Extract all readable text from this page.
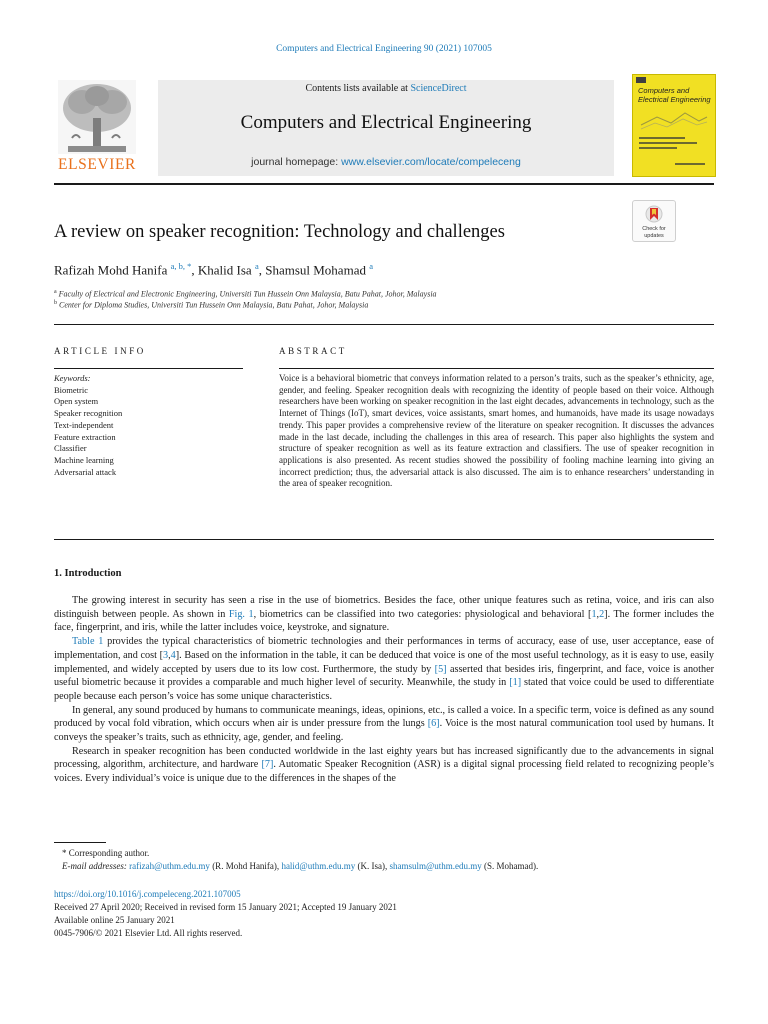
Computers and Electrical Engineering 90 (2021) 107005
ELSEVIER
Contents lists available at ScienceDirect
Computers and Electrical Engineering
journal homepage: www.elsevier.com/locate/compeleceng
Computers and Electrical Engineering
Check for updates
A review on speaker recognition: Technology and challenges
Rafizah Mohd Hanifa $^{a, b, *}$, Khalid Isa $^a$, Shamsul Mohamad $^a$
$^a$ Faculty of Electrical and Electronic Engineering, Universiti Tun Hussein Onn Malaysia, Batu Pahat, Johor, Malaysia
$^b$ Center for Diploma Studies, Universiti Tun Hussein Onn Malaysia, Batu Pahat, Johor, Malaysia
ARTICLE INFO	ABSTRACT
Keywords:
Biometric
Open system
Speaker recognition
Text-independent
Feature extraction
Classifier
Machine learning
Adversarial attack
Voice is a behavioral biometric that conveys information related to a person’s traits, such as the speaker’s ethnicity, age, gender, and feeling. Speaker recognition deals with recognizing the identity of people based on their voice. Although researchers have been working on speaker recognition in the last eight decades, advancements in technology, such as the Internet of Things (IoT), smart devices, voice assistants, smart homes, and humanoids, have made its usage nowadays trendy. This paper provides a comprehensive review of the literature on speaker recognition. It discusses the advances made in the last decade, including the challenges in this area of research. This paper also highlights the system and structure of speaker recognition as well as its feature extraction and classifiers. The use of speaker recognition in applications is also presented. As recent studies showed the possibility of fooling machine learning into giving an incorrect prediction; thus, the adversarial attack is also discussed. The aim is to enhance researchers’ understanding in the area of speaker recognition.
1. Introduction

The growing interest in security has seen a rise in the use of biometrics. Besides the face, other unique features such as retina, voice, and iris can also distinguish between people. As shown in Fig. 1, biometrics can be classified into two categories: physiological and behavioral [1,2]. The former includes the face, fingerprint, and iris, while the latter includes voice, keystroke, and signature.

Table 1 provides the typical characteristics of biometric technologies and their performances in terms of accuracy, ease of use, user acceptance, ease of implementation, and cost [3,4]. Based on the information in the table, it can be deduced that voice is one of the most useful technology, as it is easy to use, easily implemented, and widely accepted by users due to its low cost. Furthermore, the study by [5] asserted that besides iris, fingerprint, and face, voice is another useful biometric because it provides a comparable and much higher level of security. Meanwhile, the study in [1] stated that voice could be used to differentiate people because each person’s voice has some unique characteristics.

In general, any sound produced by humans to communicate meanings, ideas, opinions, etc., is called a voice. In a specific term, voice is defined as any sound produced by vocal fold vibration, which occurs when air is under pressure from the lungs [6]. Voice is the most natural communication tool used by humans. It conveys the speaker’s traits, such as ethnicity, age, gender, and feeling.

Research in speaker recognition has been conducted worldwide in the last eighty years but has increased significantly due to the advancements in signal processing, algorithm, architecture, and hardware [7]. Automatic Speaker Recognition (ASR) is a digital signal processing field related to recognizing people’s voices. Every individual’s voice is unique due to the differences in the shapes of the

* Corresponding author.
E-mail addresses: rafizah@uthm.edu.my (R. Mohd Hanifa), halid@uthm.edu.my (K. Isa), shamsulm@uthm.edu.my (S. Mohamad).
https://doi.org/10.1016/j.compeleceng.2021.107005
Received 27 April 2020; Received in revised form 15 January 2021; Accepted 19 January 2021
Available online 25 January 2021
0045-7906/© 2021 Elsevier Ltd. All rights reserved.
